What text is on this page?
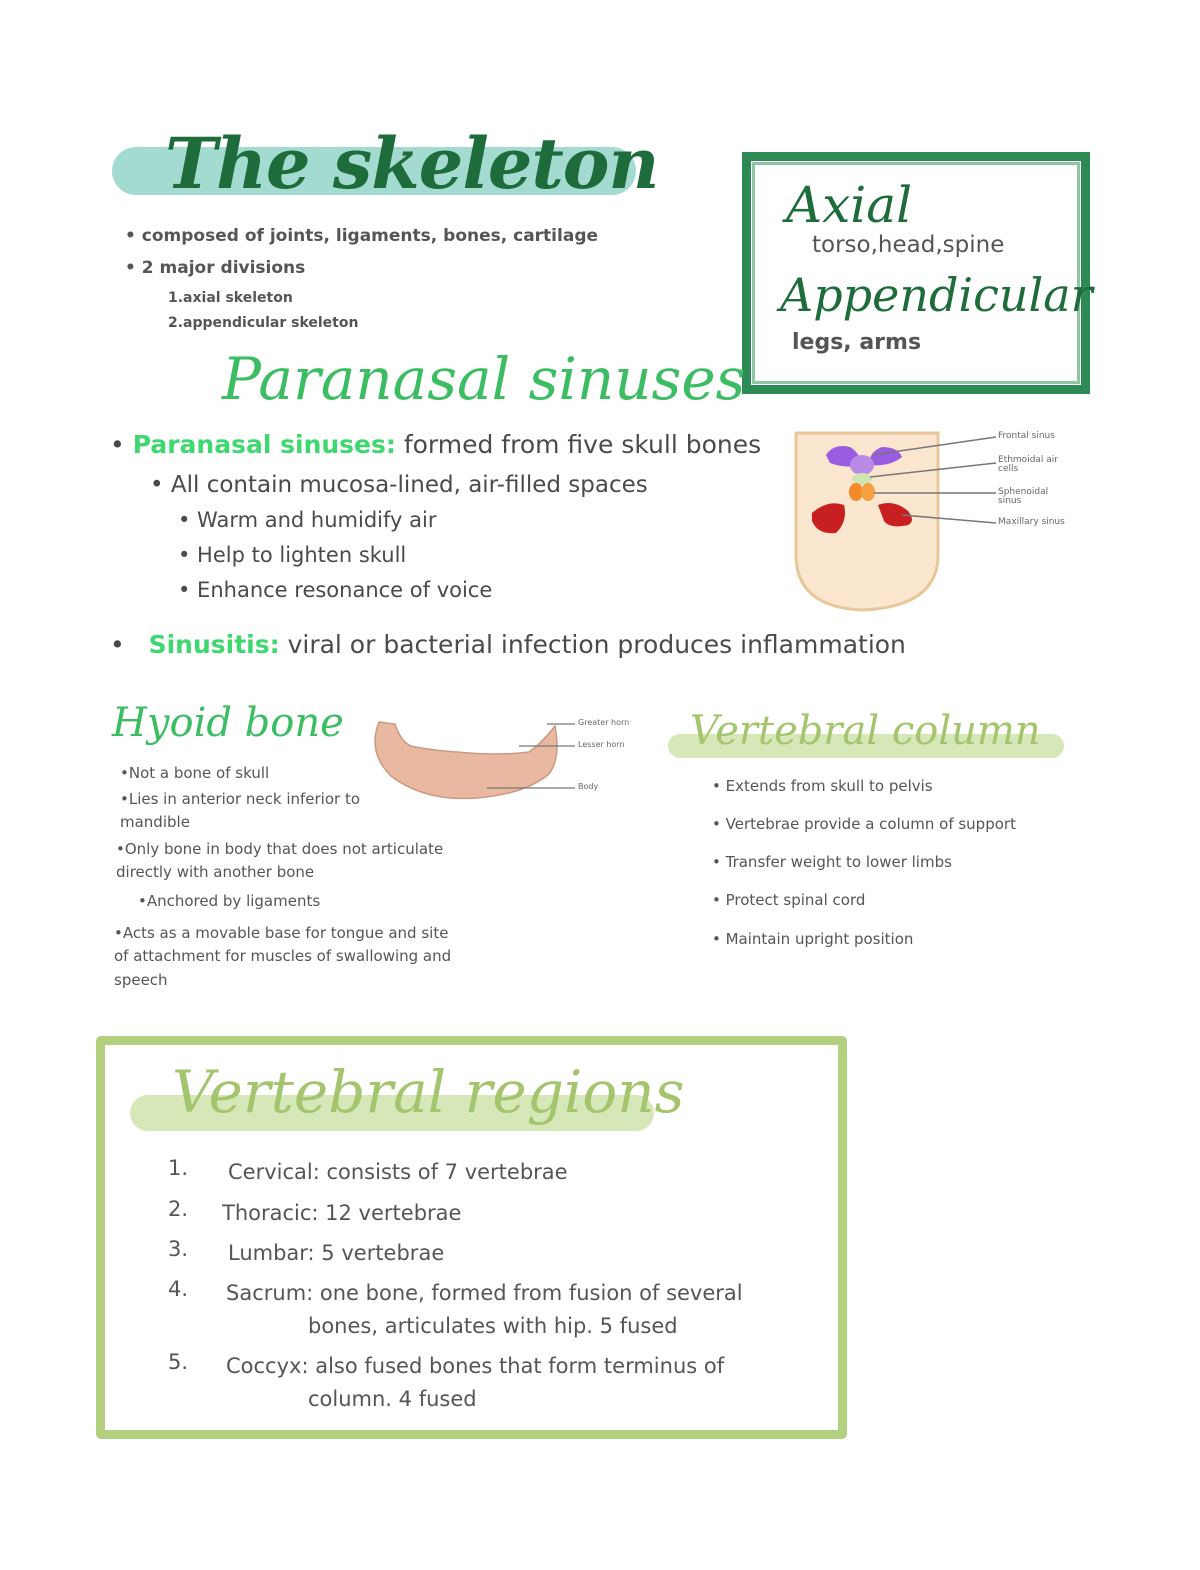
The skeleton
• composed of joints, ligaments, bones, cartilage
• 2 major divisions
1.axial skeleton
2.appendicular skeleton
Axial
torso,head,spine
Appendicular
legs, arms
Paranasal sinuses
• Paranasal sinuses: formed from five skull bones
• All contain mucosa-lined, air-filled spaces
• Warm and humidify air
• Help to lighten skull
• Enhance resonance of voice
•   Sinusitis: viral or bacterial infection produces inflammation
Frontal sinus
Ethmoidal air cells
Sphenoidal sinus
Maxillary sinus
Hyoid bone
•Not a bone of skull
•Lies in anterior neck inferior to mandible
•Only bone in body that does not articulate directly with another bone
•Anchored by ligaments
•Acts as a movable base for tongue and site of attachment for muscles of swallowing and speech
Greater horn
Lesser horn
Body
Vertebral column
• Extends from skull to pelvis
• Vertebrae provide a column of support
• Transfer weight to lower limbs
• Protect spinal cord
• Maintain upright position
Vertebral regions
1. Cervical: consists of 7 vertebrae
2. Thoracic: 12 vertebrae
3. Lumbar: 5 vertebrae
4. Sacrum: one bone, formed from fusion of several
bones, articulates with hip. 5 fused
5. Coccyx: also fused bones that form terminus of
column. 4 fused
